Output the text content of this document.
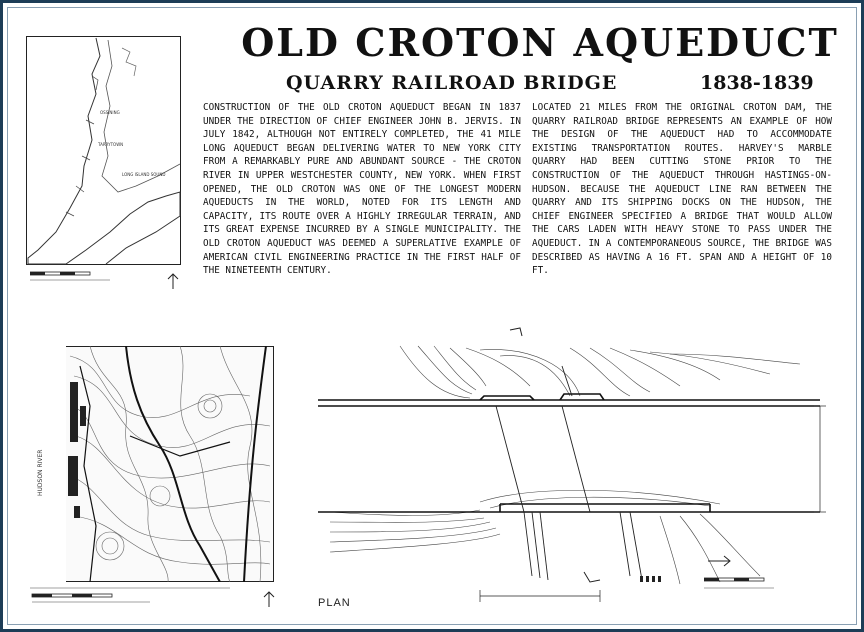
OLD CROTON AQUEDUCT
QUARRY RAILROAD BRIDGE	1838-1839
CONSTRUCTION OF THE OLD CROTON AQUEDUCT BEGAN IN 1837 UNDER THE DIRECTION OF CHIEF ENGINEER JOHN B. JERVIS. IN JULY 1842, ALTHOUGH NOT ENTIRELY COMPLETED, THE 41 MILE LONG AQUEDUCT BEGAN DELIVERING WATER TO NEW YORK CITY FROM A REMARKABLY PURE AND ABUNDANT SOURCE - THE CROTON RIVER IN UPPER WESTCHESTER COUNTY, NEW YORK. WHEN FIRST OPENED, THE OLD CROTON WAS ONE OF THE LONGEST MODERN AQUEDUCTS IN THE WORLD, NOTED FOR ITS LENGTH AND CAPACITY, ITS ROUTE OVER A HIGHLY IRREGULAR TERRAIN, AND ITS GREAT EXPENSE INCURRED BY A SINGLE MUNICIPALITY. THE OLD CROTON AQUEDUCT WAS DEEMED A SUPERLATIVE EXAMPLE OF AMERICAN CIVIL ENGINEERING PRACTICE IN THE FIRST HALF OF THE NINETEENTH CENTURY.
LOCATED 21 MILES FROM THE ORIGINAL CROTON DAM, THE QUARRY RAILROAD BRIDGE REPRESENTS AN EXAMPLE OF HOW THE DESIGN OF THE AQUEDUCT HAD TO ACCOMMODATE EXISTING TRANSPORTATION ROUTES. HARVEY'S MARBLE QUARRY HAD BEEN CUTTING STONE PRIOR TO THE CONSTRUCTION OF THE AQUEDUCT THROUGH HASTINGS-ON-HUDSON. BECAUSE THE AQUEDUCT LINE RAN BETWEEN THE QUARRY AND ITS SHIPPING DOCKS ON THE HUDSON, THE CHIEF ENGINEER SPECIFIED A BRIDGE THAT WOULD ALLOW THE CARS LADEN WITH HEAVY STONE TO PASS UNDER THE AQUEDUCT. IN A CONTEMPORANEOUS SOURCE, THE BRIDGE WAS DESCRIBED AS HAVING A 16 FT. SPAN AND A HEIGHT OF 10 FT.
LONG ISLAND SOUND
OSSINING
TARRYTOWN
HUDSON RIVER
PLAN
